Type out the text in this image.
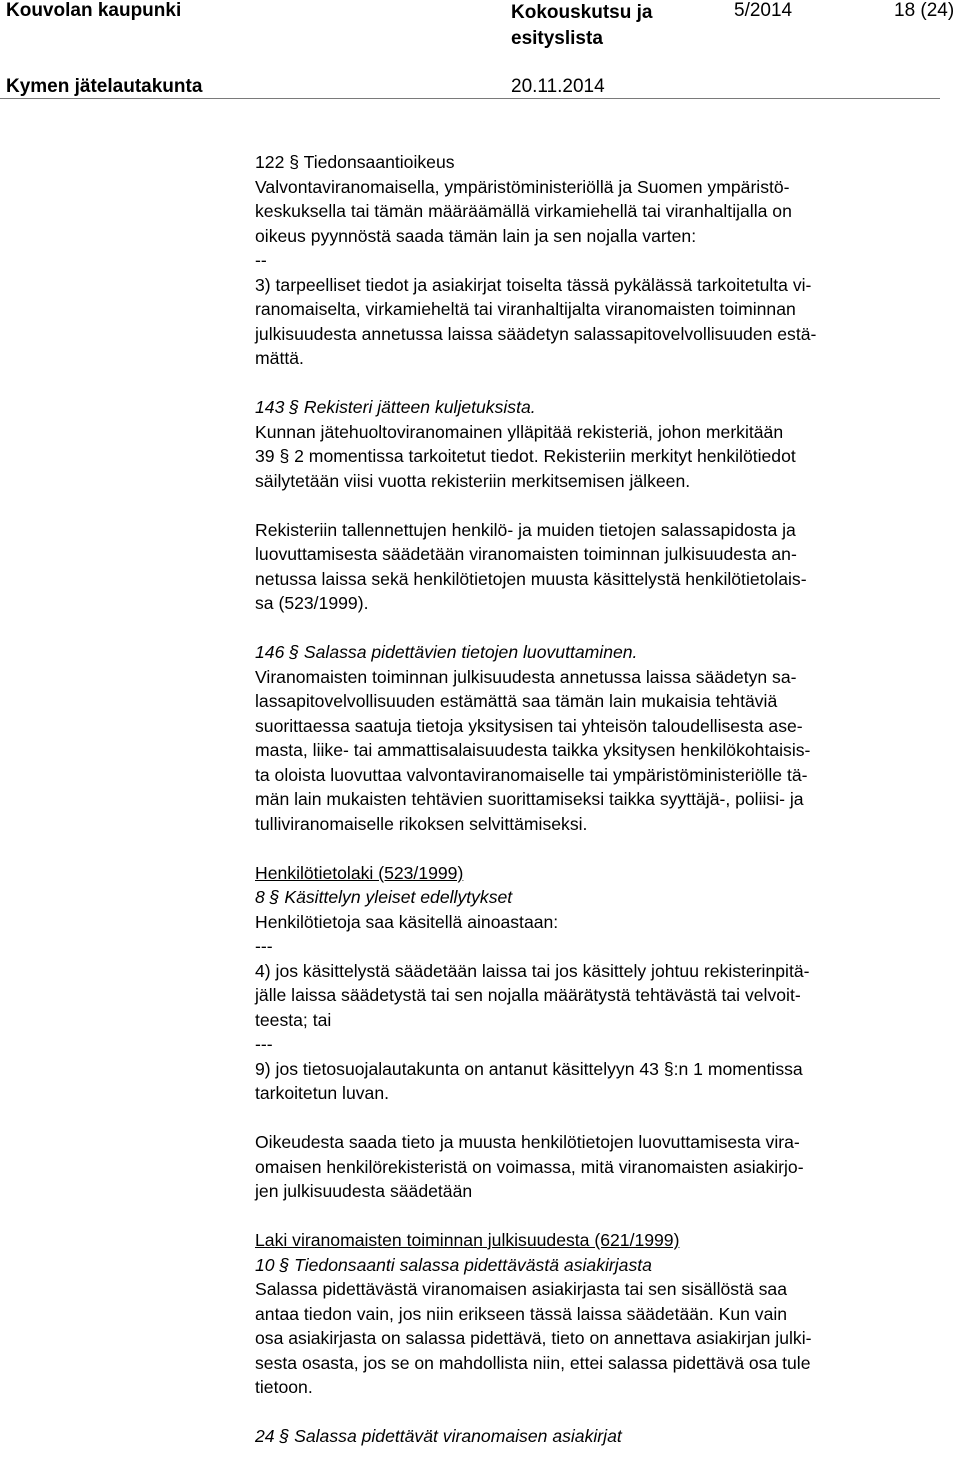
Kouvolan kaupunki	Kokouskutsu ja esityslista
5/2014	18 (24)
Kymen jätelautakunta	20.11.2014

122 § Tiedonsaantioikeus

Valvontaviranomaisella, ympäristöministeriöllä ja Suomen ympäristö-

keskuksella tai tämän määräämällä virkamiehellä tai viranhaltijalla on

oikeus pyynnöstä saada tämän lain ja sen nojalla varten:

--

3) tarpeelliset tiedot ja asiakirjat toiselta tässä pykälässä tarkoitetulta vi-

ranomaiselta, virkamieheltä tai viranhaltijalta viranomaisten toiminnan

julkisuudesta annetussa laissa säädetyn salassapitovelvollisuuden estä-

mättä.

143 § Rekisteri jätteen kuljetuksista.

Kunnan jätehuoltoviranomainen ylläpitää rekisteriä, johon merkitään

39 § 2 momentissa tarkoitetut tiedot. Rekisteriin merkityt henkilötiedot

säilytetään viisi vuotta rekisteriin merkitsemisen jälkeen.

Rekisteriin tallennettujen henkilö- ja muiden tietojen salassapidosta ja

luovuttamisesta säädetään viranomaisten toiminnan julkisuudesta an-

netussa laissa sekä henkilötietojen muusta käsittelystä henkilötietolais-

sa (523/1999).

146 § Salassa pidettävien tietojen luovuttaminen.

Viranomaisten toiminnan julkisuudesta annetussa laissa säädetyn sa-

lassapitovelvollisuuden estämättä saa tämän lain mukaisia tehtäviä

suorittaessa saatuja tietoja yksitysisen tai yhteisön taloudellisesta ase-

masta, liike- tai ammattisalaisuudesta taikka yksitysen henkilökohtaisis-

ta oloista luovuttaa valvontaviranomaiselle tai ympäristöministeriölle tä-

män lain mukaisten tehtävien suorittamiseksi taikka syyttäjä-, poliisi- ja

tulliviranomaiselle rikoksen selvittämiseksi.

Henkilötietolaki (523/1999)

8 § Käsittelyn yleiset edellytykset

Henkilötietoja saa käsitellä ainoastaan:

---

4) jos käsittelystä säädetään laissa tai jos käsittely johtuu rekisterinpitä-

jälle laissa säädetystä tai sen nojalla määrätystä tehtävästä tai velvoit-

teesta; tai

---

9) jos tietosuojalautakunta on antanut käsittelyyn 43 §:n 1 momentissa

tarkoitetun luvan.

Oikeudesta saada tieto ja muusta henkilötietojen luovuttamisesta vira-

omaisen henkilörekisteristä on voimassa, mitä viranomaisten asiakirjo-

jen julkisuudesta säädetään

Laki viranomaisten toiminnan julkisuudesta (621/1999)

10 § Tiedonsaanti salassa pidettävästä asiakirjasta

Salassa pidettävästä viranomaisen asiakirjasta tai sen sisällöstä saa

antaa tiedon vain, jos niin erikseen tässä laissa säädetään. Kun vain

osa asiakirjasta on salassa pidettävä, tieto on annettava asiakirjan julki-

sesta osasta, jos se on mahdollista niin, ettei salassa pidettävä osa tule

tietoon.

24 § Salassa pidettävät viranomaisen asiakirjat
